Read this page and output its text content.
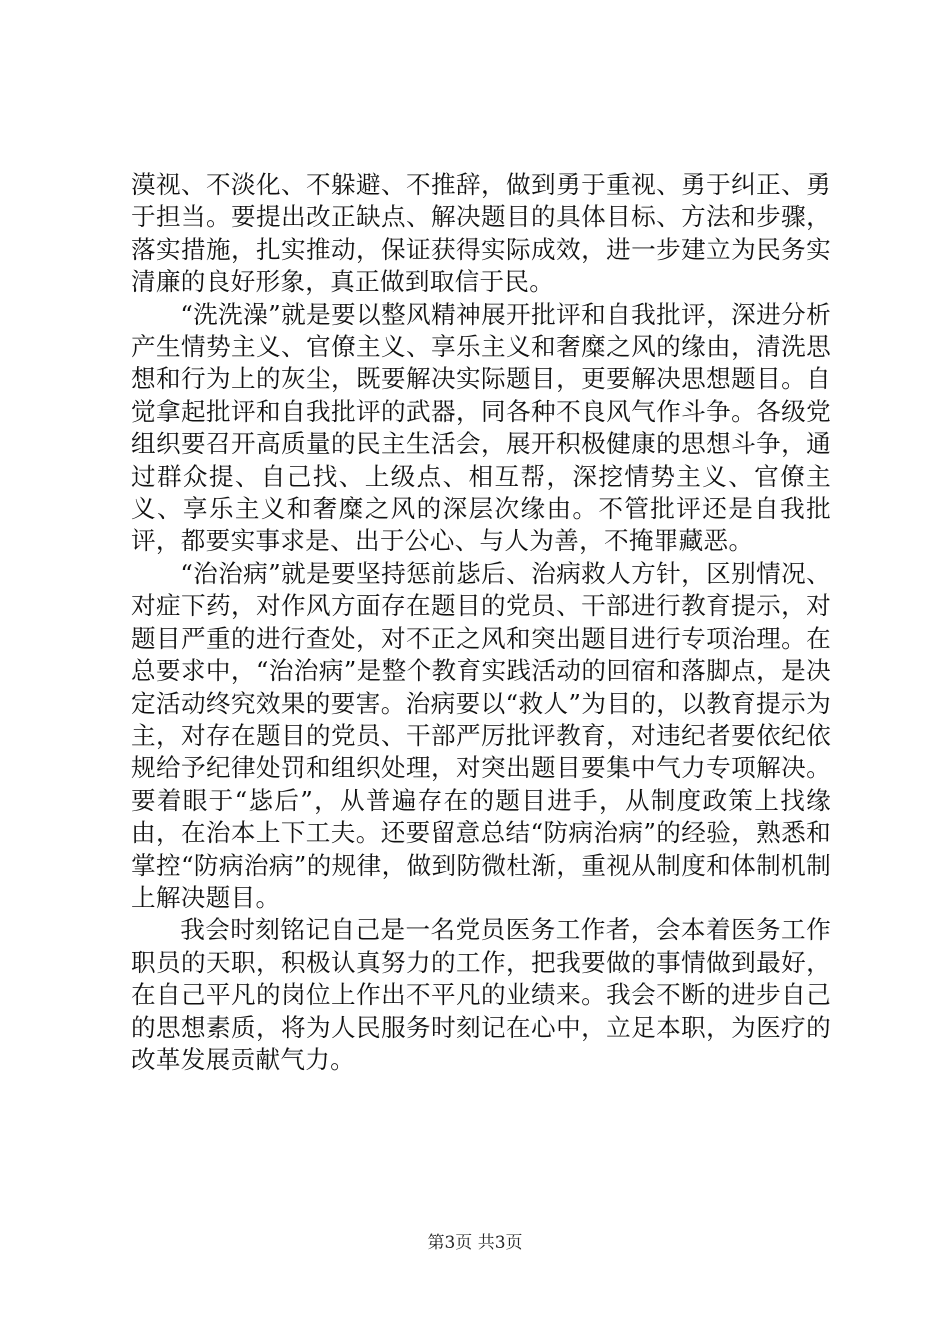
漠视、不淡化、不躲避、不推辞，做到勇于重视、勇于纠正、勇于担当。要提出改正缺点、解决题目的具体目标、方法和步骤，落实措施，扎实推动，保证获得实际成效，进一步建立为民务实清廉的良好形象，真正做到取信于民。

“洗洗澡”就是要以整风精神展开批评和自我批评，深进分析产生情势主义、官僚主义、享乐主义和奢糜之风的缘由，清洗思想和行为上的灰尘，既要解决实际题目，更要解决思想题目。自觉拿起批评和自我批评的武器，同各种不良风气作斗争。各级党组织要召开高质量的民主生活会，展开积极健康的思想斗争，通过群众提、自己找、上级点、相互帮，深挖情势主义、官僚主义、享乐主义和奢糜之风的深层次缘由。不管批评还是自我批评，都要实事求是、出于公心、与人为善，不掩罪藏恶。

“治治病”就是要坚持惩前毖后、治病救人方针，区别情况、对症下药，对作风方面存在题目的党员、干部进行教育提示，对题目严重的进行查处，对不正之风和突出题目进行专项治理。在总要求中，“治治病”是整个教育实践活动的回宿和落脚点，是决定活动终究效果的要害。治病要以“救人”为目的，以教育提示为主，对存在题目的党员、干部严厉批评教育，对违纪者要依纪依规给予纪律处罚和组织处理，对突出题目要集中气力专项解决。要着眼于“毖后”，从普遍存在的题目进手，从制度政策上找缘由，在治本上下工夫。还要留意总结“防病治病”的经验，熟悉和掌控“防病治病”的规律，做到防微杜渐，重视从制度和体制机制上解决题目。

我会时刻铭记自己是一名党员医务工作者，会本着医务工作职员的天职，积极认真努力的工作，把我要做的事情做到最好，在自己平凡的岗位上作出不平凡的业绩来。我会不断的进步自己的思想素质，将为人民服务时刻记在心中，立足本职，为医疗的改革发展贡献气力。

第3页 共3页
